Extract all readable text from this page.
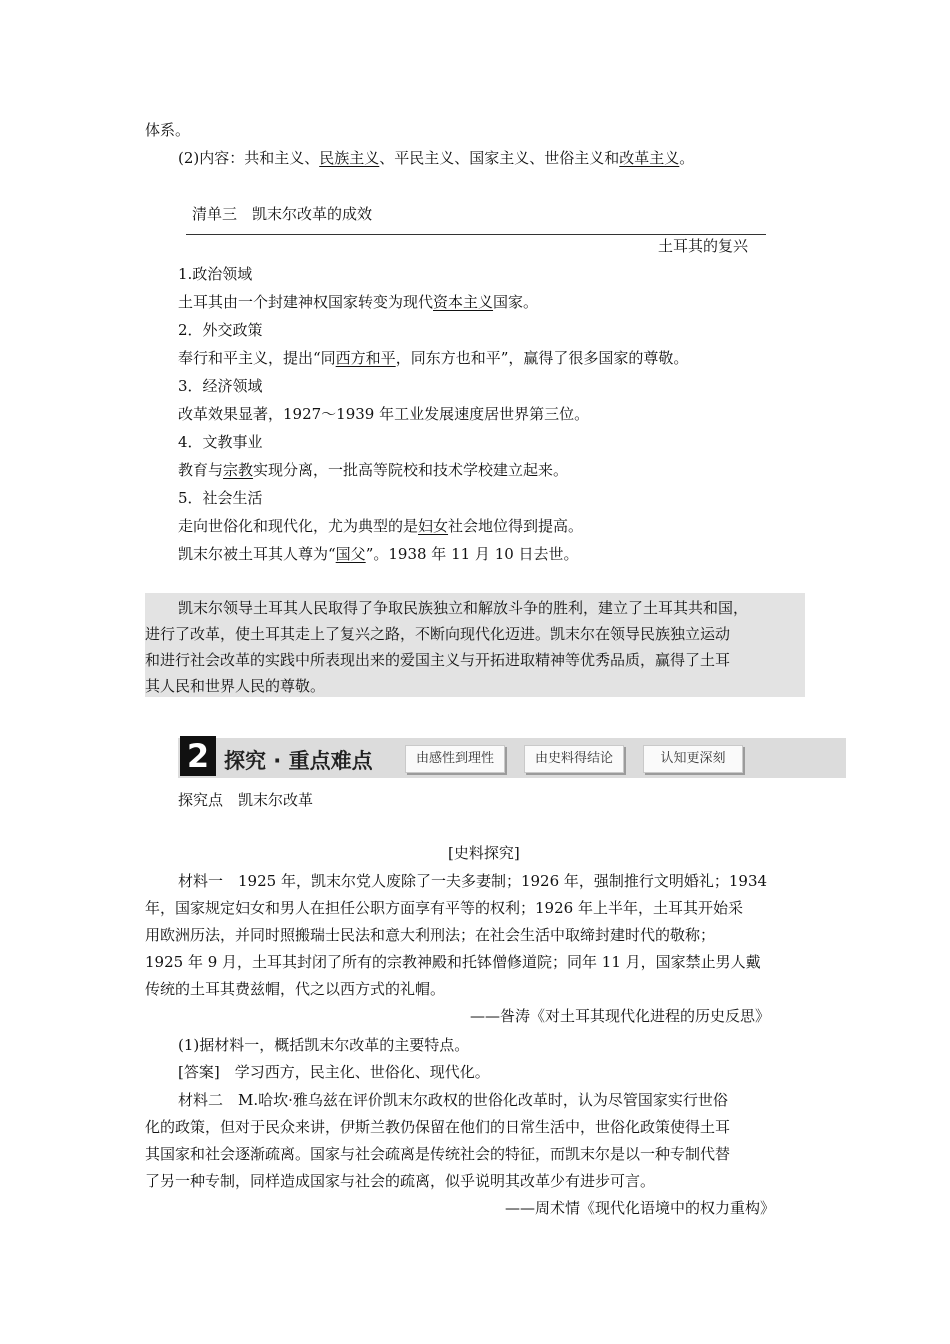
体系。
(2)内容：共和主义、民族主义、平民主义、国家主义、世俗主义和改革主义。
清单三　凯末尔改革的成效
土耳其的复兴
1.政治领域
土耳其由一个封建神权国家转变为现代资本主义国家。
2．外交政策
奉行和平主义，提出“同西方和平，同东方也和平”，赢得了很多国家的尊敬。
3．经济领域
改革效果显著，1927～1939 年工业发展速度居世界第三位。
4．文教事业
教育与宗教实现分离，一批高等院校和技术学校建立起来。
5．社会生活
走向世俗化和现代化，尤为典型的是妇女社会地位得到提高。
凯末尔被土耳其人尊为“国父”。1938 年 11 月 10 日去世。
凯末尔领导土耳其人民取得了争取民族独立和解放斗争的胜利，建立了土耳其共和国，
进行了改革，使土耳其走上了复兴之路，不断向现代化迈进。凯末尔在领导民族独立运动
和进行社会改革的实践中所表现出来的爱国主义与开拓进取精神等优秀品质，赢得了土耳
其人民和世界人民的尊敬。
2 探究 · 重点难点	由感性到理性	由史料得结论	认知更深刻
探究点　凯末尔改革
[史料探究]
材料一　1925 年，凯末尔党人废除了一夫多妻制；1926 年，强制推行文明婚礼；1934
年，国家规定妇女和男人在担任公职方面享有平等的权利；1926 年上半年，土耳其开始采
用欧洲历法，并同时照搬瑞士民法和意大利刑法；在社会生活中取缔封建时代的敬称；
1925 年 9 月，土耳其封闭了所有的宗教神殿和托钵僧修道院；同年 11 月，国家禁止男人戴
传统的土耳其费兹帽，代之以西方式的礼帽。
——昝涛《对土耳其现代化进程的历史反思》
(1)据材料一，概括凯末尔改革的主要特点。
[答案]　学习西方，民主化、世俗化、现代化。
材料二　M.哈坎·雅乌兹在评价凯末尔政权的世俗化改革时，认为尽管国家实行世俗
化的政策，但对于民众来讲，伊斯兰教仍保留在他们的日常生活中，世俗化政策使得土耳
其国家和社会逐渐疏离。国家与社会疏离是传统社会的特征，而凯末尔是以一种专制代替
了另一种专制，同样造成国家与社会的疏离，似乎说明其改革少有进步可言。
——周术情《现代化语境中的权力重构》
